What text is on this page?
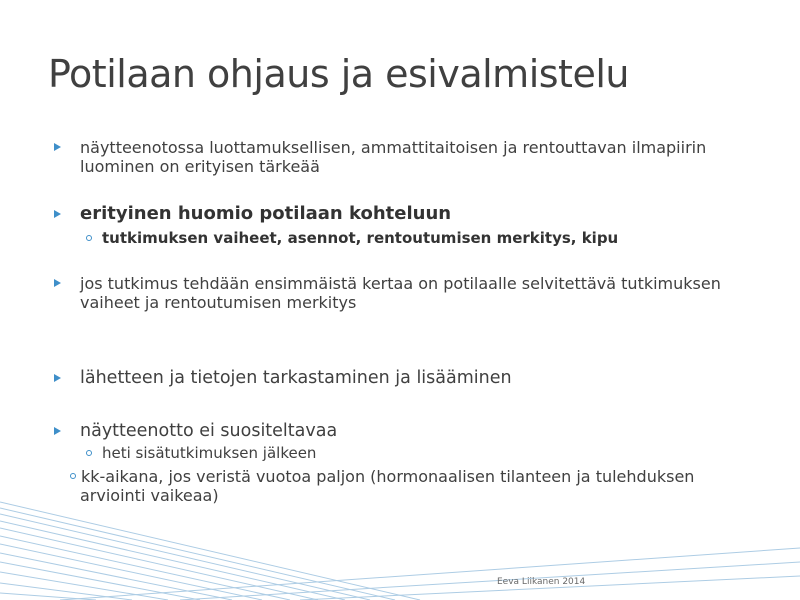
Potilaan ohjaus ja esivalmistelu
näytteenotossa luottamuksellisen, ammattitaitoisen ja rentouttavan ilmapiirin luominen on erityisen tärkeää
erityinen huomio potilaan kohteluun
tutkimuksen vaiheet, asennot, rentoutumisen merkitys, kipu
jos tutkimus tehdään ensimmäistä kertaa on potilaalle selvitettävä tutkimuksen vaiheet ja rentoutumisen merkitys
lähetteen ja tietojen tarkastaminen ja lisääminen
näytteenotto ei suositeltavaa
heti sisätutkimuksen jälkeen
kk-aikana, jos veristä vuotoa paljon (hormonaalisen tilanteen ja tulehduksen arviointi vaikeaa)
Eeva Liikanen 2014
